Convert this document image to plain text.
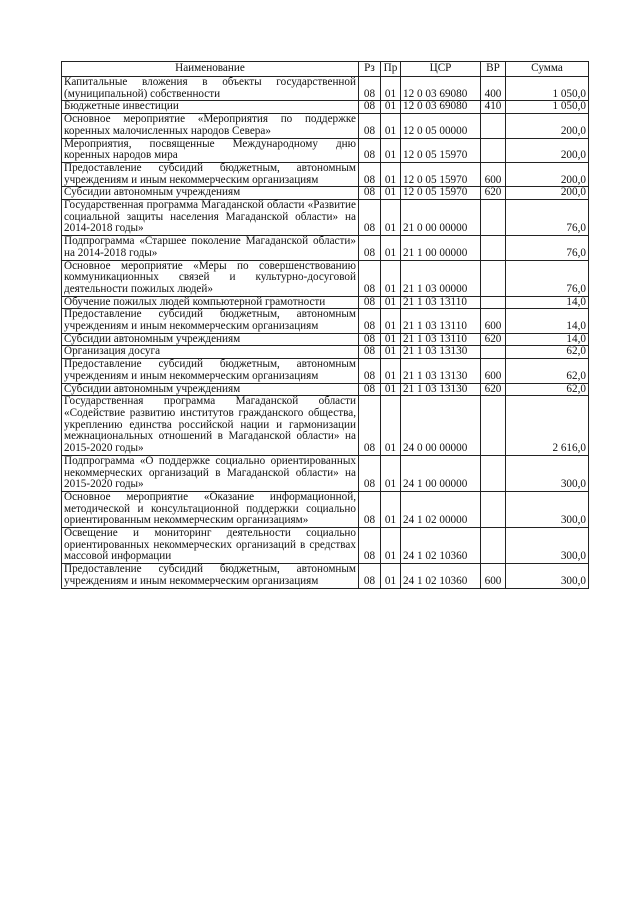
Наименование	Рз	Пр	ЦСР	ВР	Сумма
Капитальные вложения в объекты государственной (муниципальной) собственности	08	01	12 0 03 69080	400	1 050,0
Бюджетные инвестиции	08	01	12 0 03 69080	410	1 050,0
Основное мероприятие «Мероприятия по поддержке коренных малочисленных народов Севера»	08	01	12 0 05 00000		200,0
Мероприятия, посвященные Международному дню коренных народов мира	08	01	12 0 05 15970		200,0
Предоставление субсидий бюджетным, автономным учреждениям и иным некоммерческим организациям	08	01	12 0 05 15970	600	200,0
Субсидии автономным учреждениям	08	01	12 0 05 15970	620	200,0
Государственная программа Магаданской области «Развитие социальной защиты населения Магаданской области» на 2014-2018 годы»	08	01	21 0 00 00000		76,0
Подпрограмма «Старшее поколение Магаданской области» на 2014-2018 годы»	08	01	21 1 00 00000		76,0
Основное мероприятие «Меры по совершенствованию коммуникационных связей и культурно-досуговой деятельности пожилых людей»	08	01	21 1 03 00000		76,0
Обучение пожилых людей компьютерной грамотности	08	01	21 1 03 13110		14,0
Предоставление субсидий бюджетным, автономным учреждениям и иным некоммерческим организациям	08	01	21 1 03 13110	600	14,0
Субсидии автономным учреждениям	08	01	21 1 03 13110	620	14,0
Организация досуга	08	01	21 1 03 13130		62,0
Предоставление субсидий бюджетным, автономным учреждениям и иным некоммерческим организациям	08	01	21 1 03 13130	600	62,0
Субсидии автономным учреждениям	08	01	21 1 03 13130	620	62,0
Государственная программа Магаданской области «Содействие развитию институтов гражданского общества, укреплению единства российской нации и гармонизации межнациональных отношений в Магаданской области» на 2015-2020 годы»	08	01	24 0 00 00000		2 616,0
Подпрограмма «О поддержке социально ориентированных некоммерческих организаций в Магаданской области» на 2015-2020 годы»	08	01	24 1 00 00000		300,0
Основное мероприятие «Оказание информационной, методической и консультационной поддержки социально ориентированным некоммерческим организациям»	08	01	24 1 02 00000		300,0
Освещение и мониторинг деятельности социально ориентированных некоммерческих организаций в средствах массовой информации	08	01	24 1 02 10360		300,0
Предоставление субсидий бюджетным, автономным учреждениям и иным некоммерческим организациям	08	01	24 1 02 10360	600	300,0
